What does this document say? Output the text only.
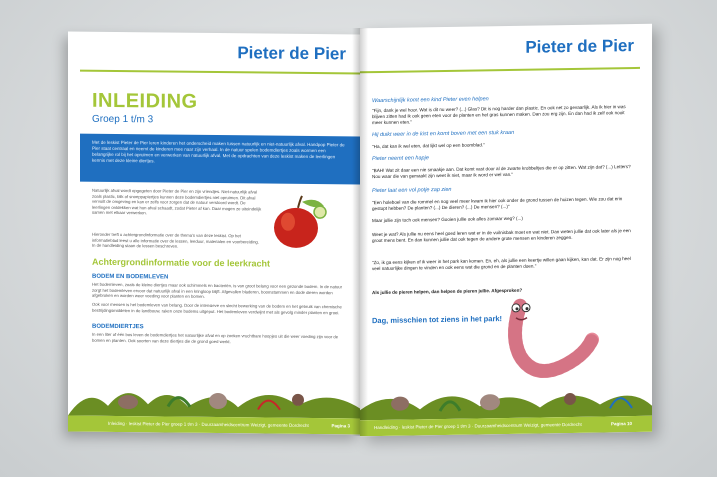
Pieter de Pier
INLEIDING
Groep 1 t/m 3
Met de leskist Pieter de Pier leren kinderen het onderscheid maken tussen natuurlijk en niet-natuurlijk afval. Handpop Pieter de Pier staat centraal en neemt de kinderen mee naar zijn verhaal. In de natuur spelen bodemdiertjes zoals wormen een belangrijke rol bij het opruimen en verwerken van natuurlijk afval. Met de opdrachten van deze leskist maken de leerlingen kennis met deze kleine diertjes.
Natuurlijk afval wordt opgegeten door Pieter de Pier en zijn vriendjes. Niet-natuurlijk afval zoals plastic, blik of snoeppapiertjes kunnen deze bodemdiertjes niet opruimen. Dit afval vervuilt de omgeving en kan er zelfs voor zorgen dat de natuur verstoord wordt. De leerlingen ontdekken wat hun afval schaadt, zodat Pieter af kan. Daar mogen ze uiteindelijk samen met elkaar verwerken.
Hieronder treft u achtergrondinformatie over de thema's van deze leskist. Op het informatieblad leest u alle informatie over de lessen, leeduur, materialen en voorbereiding. In de handleiding staan de lessen beschreven.
Achtergrondinformatie voor de leerkracht
BODEM EN BODEMLEVEN
Het bodemleven, zoals de kleine diertjes maar ook schimmels en bacteriën, is van groot belang voor een gezonde bodem. In de natuur zorgt het bodemleven ervoor dat natuurlijk afval in een kringloop blijft. Afgevallen bladeren, boomstammen en dode dieren worden afgebroken en worden weer voeding voor planten en bomen.
Ook voor mensen is het bodemleven van belang. Door de intensieve en slecht bewerking van de bodem en het gebruik van chemische bestrijdingsmiddelen in de landbouw, raken onze bodems uitgeput. Het bodemleven verdwijnt met als gevolg minder planten en groei.
BODEMDIERTJES
In een liter of één bos leven de bodemdiertjes het natuurlijke afval en op zoeken vruchtbare hoopjes uit die weer voeding zijn voor de bomen en planten. Ook soorten van deze diertjes die de grond goed werkt.
Inleiding · leskist Pieter de Pier groep 1 t/m 3 · Duurzaamheidscentrum Weizigt, gemeente Dordrecht	Pagina 3
Pieter de Pier
Waarschijnlijk komt een kind Pieter even helpen
"Fijn, dank je wel hoor. Wat is dit nu weer? (...) Glas? Dit is nog harder dan plastic. En ook net zo gevaarlijk. Als ik hier in was blijven zitten had ik ook geen eten voor de planten en het gras kunnen maken. Dan zou erg zijn. En dan had ik zelf ook nooit meer kunnen eten."
Hij duikt weer in de kist en komt boven met een stuk kraan
"Ha, dat kan ik wel eten, dat lijkt wel op een boomblad."
Pieter neemt een hapje
"BAH! Wat zit daar een nie smaakje aan. Dat komt vast door al de zwarte krobbeltjes die er op zitten. Wat zijn dat? (...) Letters? Nou waar die van gemaakt zijn weet ik niet, maar ik word er wel van."
Pieter laat een vol potje zap zien
"Een holeboel van die rommel en nog veel meer kwam ik hier ook onder de grond tussen de huizen tegen. Wie zou dat erin gestopt hebben? De planten? (...) De dieren? (...) De mensen? (...)"
Maar jullie zijn toch ook mensen? Gooien jullie ook alles zomaar weg? (...)
Weet je wat? Als jullie nu eens heel goed leren wat er in de vuilnisbak moet en wat niet. Dan weten jullie dat ook later als je een groot mens bent. En dan kunnen jullie dat ook tegen de andere grote mensen en kinderen zeggen.
"Zo, ik ga eens kijken of ik weer in het park kan komen. En, eh, als jullie een keertje willen gaan kijken, kan dat. Er zijn nog heel veel natuurlijke dingen te vinden en ook eens wat die grond en de planten doen."
Als jullie de pieren helpen, dan helpen de pieren jullie. Afgesproken?
Dag, misschien tot ziens in het park!
Handleiding · leskist Pieter de Pier groep 1 t/m 3 · Duurzaamheidscentrum Weizigt, gemeente Dordrecht	Pagina 10
